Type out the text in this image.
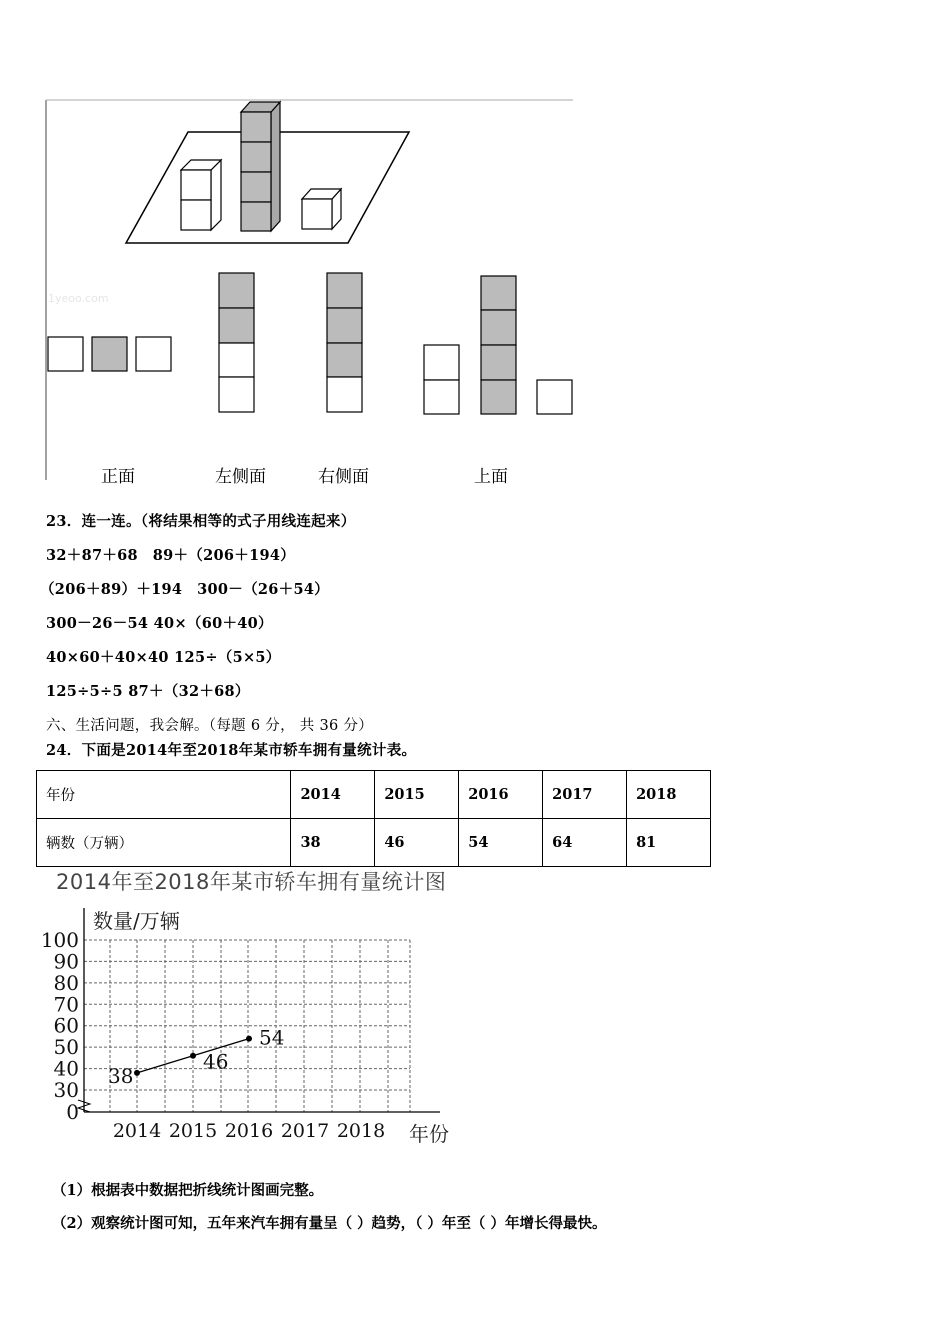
1yeoo.com
正面	左侧面	右侧面	上面
23．连一连。（将结果相等的式子用线连起来）
32＋87＋68　89＋（206＋194）
（206＋89）＋194　300－（26＋54）
300－26－54 40×（60＋40）
40×60＋40×40 125÷（5×5）
125÷5÷5 87＋（32＋68）
六、生活问题，我会解。（每题 6 分， 共 36 分）
24．下面是2014年至2018年某市轿车拥有量统计表。
年份	2014	2015	2016	2017	2018
辆数（万辆）	38	46	54	64	81
2014年至2018年某市轿车拥有量统计图
数量/万辆
100
90
80
70
60
50
40
30
0
2014 2015 2016 2017 2018 年份
38
46
54
（1）根据表中数据把折线统计图画完整。
（2）观察统计图可知，五年来汽车拥有量呈（ ）趋势，（ ）年至（ ）年增长得最快。
